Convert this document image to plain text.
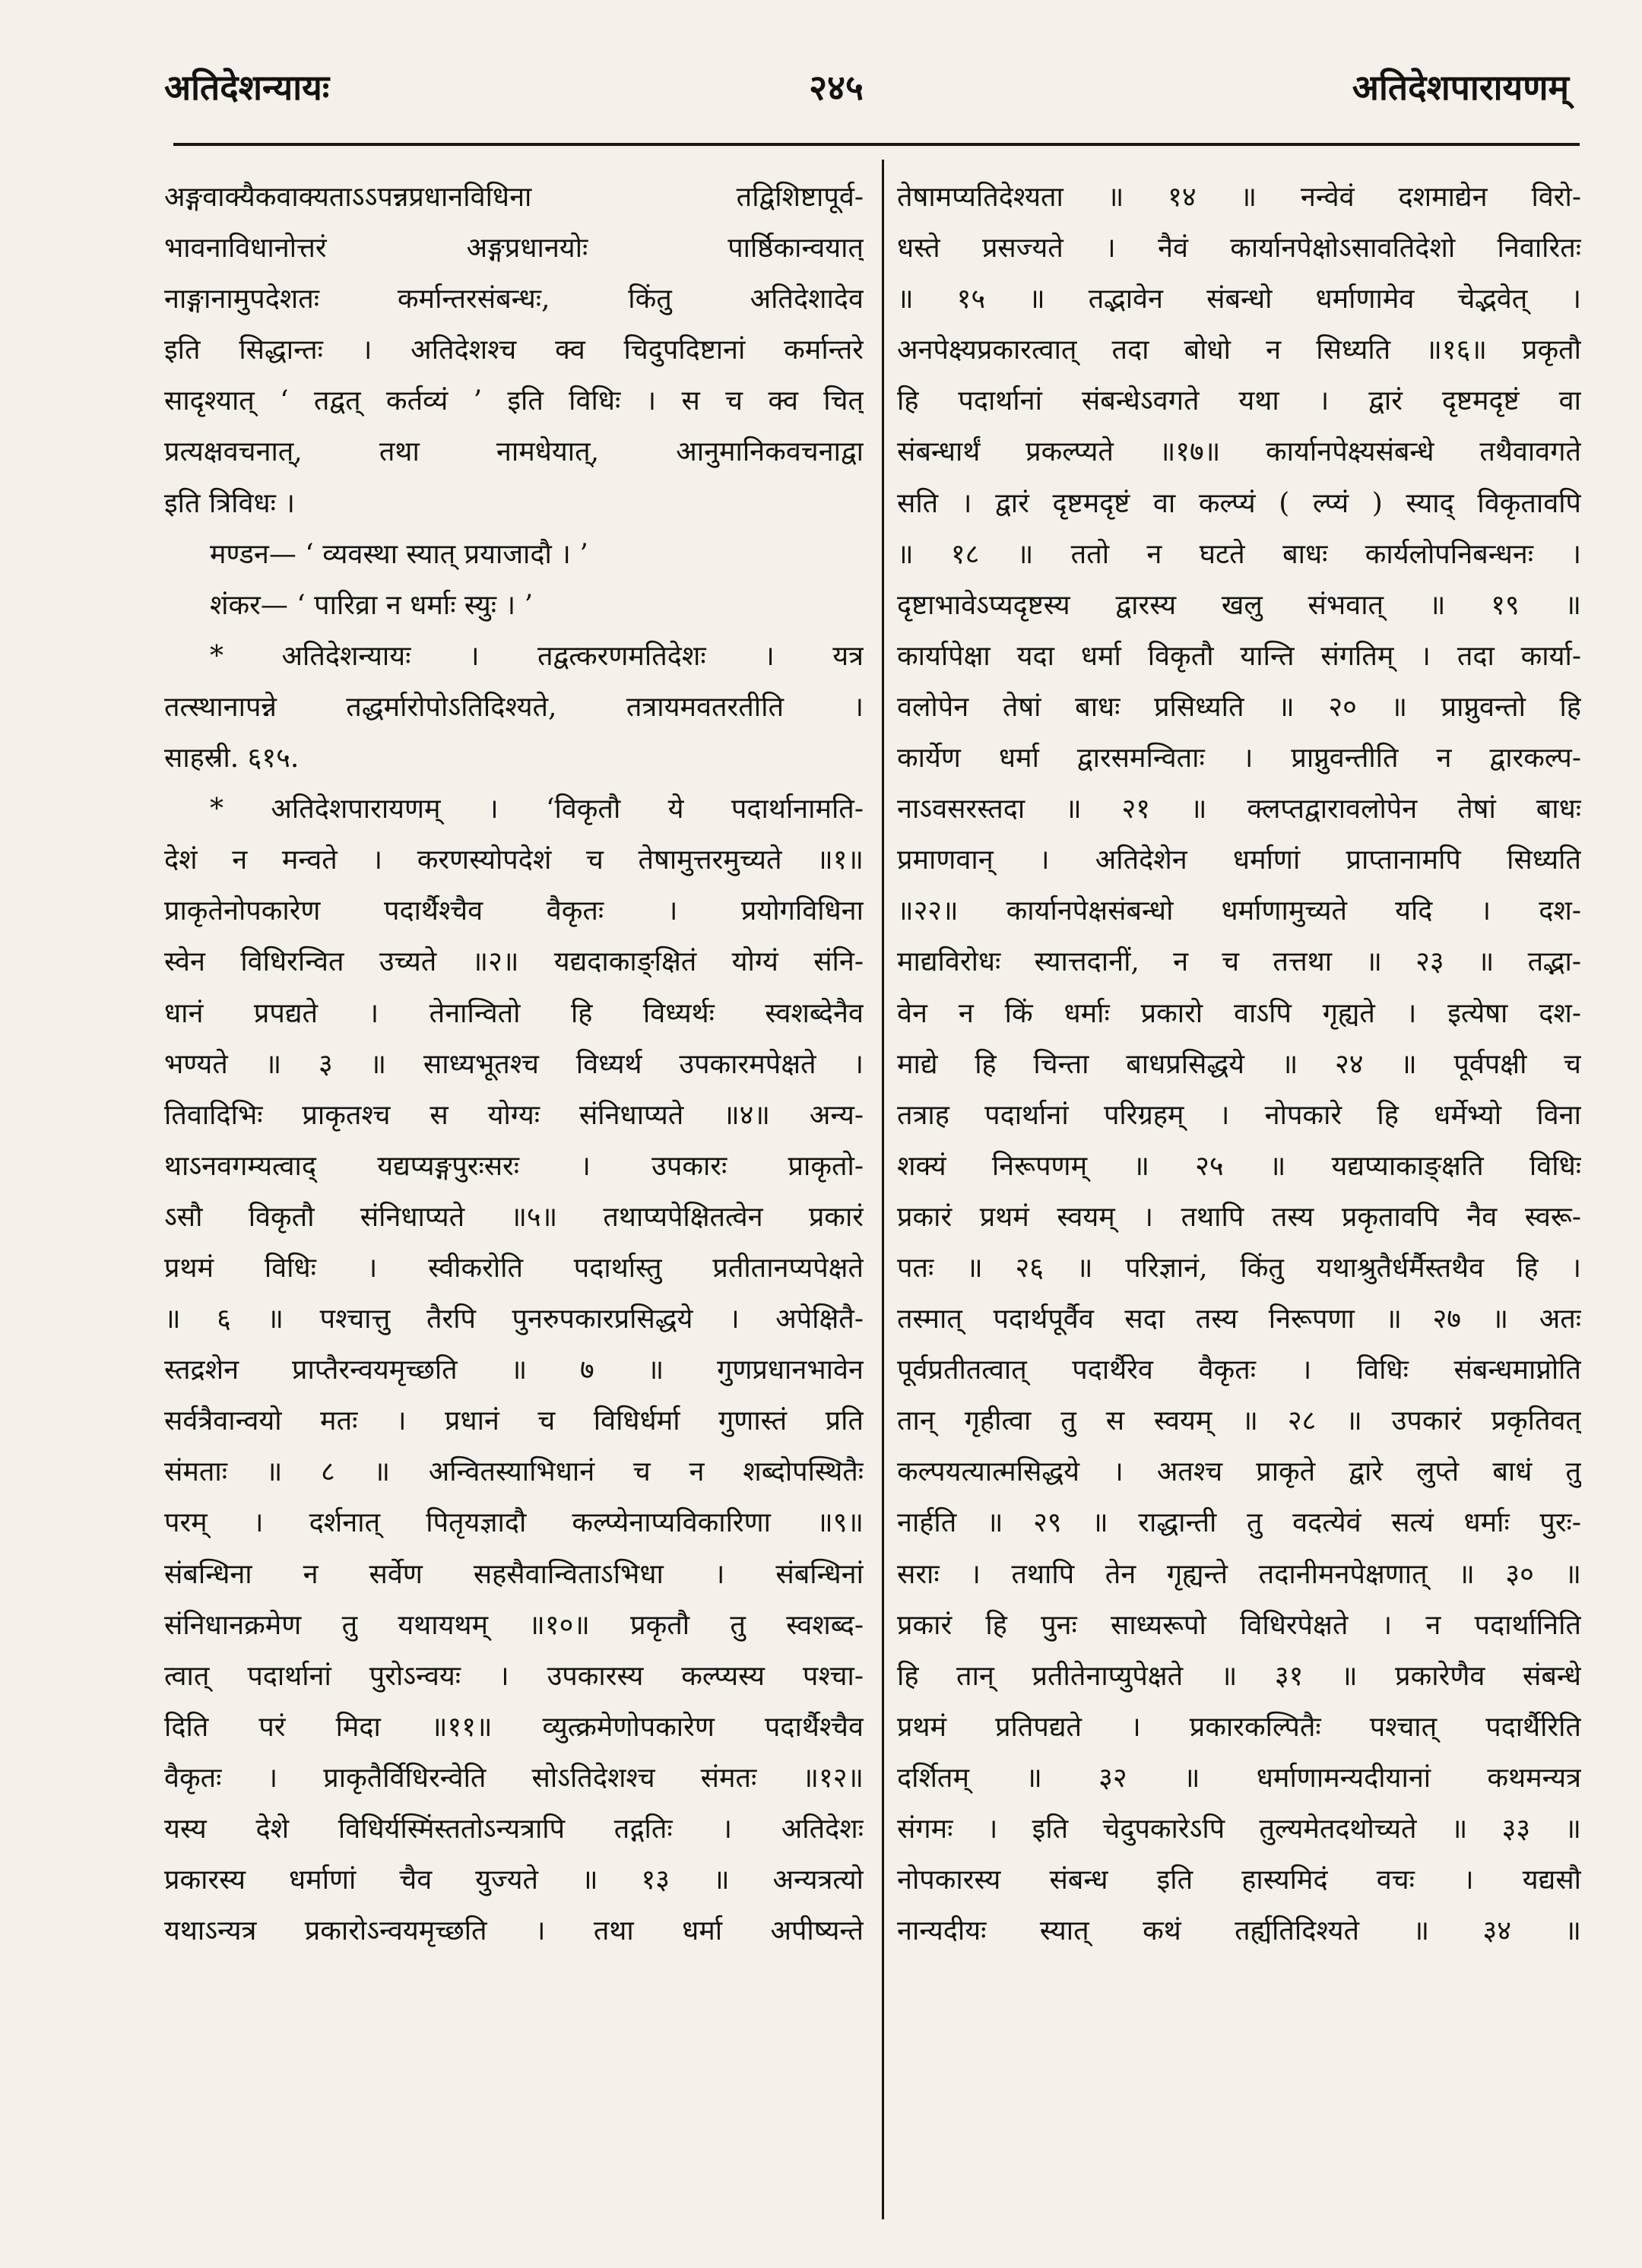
अतिदेशन्यायः	२४५	अतिदेशपारायणम्
अङ्गवाक्यैकवाक्यताऽऽपन्नप्रधानविधिना तद्विशिष्टापूर्व-
भावनाविधानोत्तरं अङ्गप्रधानयोः पार्ष्ठिकान्वयात्
नाङ्गानामुपदेशतः कर्मान्तरसंबन्धः, किंतु अतिदेशादेव
इति सिद्धान्तः । अतिदेशश्च क्व चिदुपदिष्टानां कर्मान्तरे
सादृश्यात् ‘ तद्वत् कर्तव्यं ’ इति विधिः । स च क्व चित्
प्रत्यक्षवचनात्, तथा नामधेयात्, आनुमानिकवचनाद्वा
इति त्रिविधः ।
मण्डन— ‘ व्यवस्था स्यात् प्रयाजादौ । ’
शंकर— ‘ पारिव्रा न धर्माः स्युः । ’
* अतिदेशन्यायः । तद्वत्करणमतिदेशः । यत्र
तत्स्थानापन्ने तद्धर्मारोपोऽतिदिश्यते, तत्रायमवतरतीति ।
साहस्री. ६१५.
* अतिदेशपारायणम् । ‘विकृतौ ये पदार्थानामति-
देशं न मन्वते । करणस्योपदेशं च तेषामुत्तरमुच्यते ॥१॥
प्राकृतेनोपकारेण पदार्थैश्चैव वैकृतः । प्रयोगविधिना
स्वेन विधिरन्वित उच्यते ॥२॥ यद्यदाकाङ्क्षितं योग्यं संनि-
धानं प्रपद्यते । तेनान्वितो हि विध्यर्थः स्वशब्देनैव
भण्यते ॥ ३ ॥ साध्यभूतश्च विध्यर्थ उपकारमपेक्षते ।
तिवादिभिः प्राकृतश्च स योग्यः संनिधाप्यते ॥४॥ अन्य-
थाऽनवगम्यत्वाद् यद्यप्यङ्गपुरःसरः । उपकारः प्राकृतो-
ऽसौ विकृतौ संनिधाप्यते ॥५॥ तथाप्यपेक्षितत्वेन प्रकारं
प्रथमं विधिः । स्वीकरोति पदार्थास्तु प्रतीतानप्यपेक्षते
॥ ६ ॥ पश्चात्तु तैरपि पुनरुपकारप्रसिद्धये । अपेक्षितै-
स्तद्रशेन प्राप्तैरन्वयमृच्छति ॥ ७ ॥ गुणप्रधानभावेन
सर्वत्रैवान्वयो मतः । प्रधानं च विधिर्धर्मा गुणास्तं प्रति
संमताः ॥ ८ ॥ अन्वितस्याभिधानं च न शब्दोपस्थितैः
परम् । दर्शनात् पितृयज्ञादौ कल्प्येनाप्यविकारिणा ॥९॥
संबन्धिना न सर्वेण सहसैवान्विताऽभिधा । संबन्धिनां
संनिधानक्रमेण तु यथायथम् ॥१०॥ प्रकृतौ तु स्वशब्द-
त्वात् पदार्थानां पुरोऽन्वयः । उपकारस्य कल्प्यस्य पश्चा-
दिति परं मिदा ॥११॥ व्युत्क्रमेणोपकारेण पदार्थैश्चैव
वैकृतः । प्राकृतैर्विधिरन्वेति सोऽतिदेशश्च संमतः ॥१२॥
यस्य देशे विधिर्यस्मिंस्ततोऽन्यत्रापि तद्गतिः । अतिदेशः
प्रकारस्य धर्माणां चैव युज्यते ॥ १३ ॥ अन्यत्रत्यो
यथाऽन्यत्र प्रकारोऽन्वयमृच्छति । तथा धर्मा अपीष्यन्ते
तेषामप्यतिदेश्यता ॥ १४ ॥ नन्वेवं दशमाद्येन विरो-
धस्ते प्रसज्यते । नैवं कार्यानपेक्षोऽसावतिदेशो निवारितः
॥ १५ ॥ तद्भावेन संबन्धो धर्माणामेव चेद्भवेत् ।
अनपेक्ष्यप्रकारत्वात् तदा बोधो न सिध्यति ॥१६॥ प्रकृतौ
हि पदार्थानां संबन्धेऽवगते यथा । द्वारं दृष्टमदृष्टं वा
संबन्धार्थं प्रकल्प्यते ॥१७॥ कार्यानपेक्ष्यसंबन्धे तथैवावगते
सति । द्वारं दृष्टमदृष्टं वा कल्प्यं ( ल्प्यं ) स्याद् विकृतावपि
॥ १८ ॥ ततो न घटते बाधः कार्यलोपनिबन्धनः ।
दृष्टाभावेऽप्यदृष्टस्य द्वारस्य खलु संभवात् ॥ १९ ॥
कार्यापेक्षा यदा धर्मा विकृतौ यान्ति संगतिम् । तदा कार्या-
वलोपेन तेषां बाधः प्रसिध्यति ॥ २० ॥ प्राप्नुवन्तो हि
कार्येण धर्मा द्वारसमन्विताः । प्राप्नुवन्तीति न द्वारकल्प-
नाऽवसरस्तदा ॥ २१ ॥ क्लप्तद्वारावलोपेन तेषां बाधः
प्रमाणवान् । अतिदेशेन धर्माणां प्राप्तानामपि सिध्यति
॥२२॥ कार्यानपेक्षसंबन्धो धर्माणामुच्यते यदि । दश-
माद्यविरोधः स्यात्तदानीं, न च तत्तथा ॥ २३ ॥ तद्भा-
वेन न किं धर्माः प्रकारो वाऽपि गृह्यते । इत्येषा दश-
माद्ये हि चिन्ता बाधप्रसिद्धये ॥ २४ ॥ पूर्वपक्षी च
तत्राह पदार्थानां परिग्रहम् । नोपकारे हि धर्मेभ्यो विना
शक्यं निरूपणम् ॥ २५ ॥ यद्यप्याकाङ्क्षति विधिः
प्रकारं प्रथमं स्वयम् । तथापि तस्य प्रकृतावपि नैव स्वरू-
पतः ॥ २६ ॥ परिज्ञानं, किंतु यथाश्रुतैर्धर्मैस्तथैव हि ।
तस्मात् पदार्थपूर्वैव सदा तस्य निरूपणा ॥ २७ ॥ अतः
पूर्वप्रतीतत्वात् पदार्थैरेव वैकृतः । विधिः संबन्धमाप्नोति
तान् गृहीत्वा तु स स्वयम् ॥ २८ ॥ उपकारं प्रकृतिवत्
कल्पयत्यात्मसिद्धये । अतश्च प्राकृते द्वारे लुप्ते बाधं तु
नार्हति ॥ २९ ॥ राद्धान्ती तु वदत्येवं सत्यं धर्माः पुरः-
सराः । तथापि तेन गृह्यन्ते तदानीमनपेक्षणात् ॥ ३० ॥
प्रकारं हि पुनः साध्यरूपो विधिरपेक्षते । न पदार्थानिति
हि तान् प्रतीतेनाप्युपेक्षते ॥ ३१ ॥ प्रकारेणैव संबन्धे
प्रथमं प्रतिपद्यते । प्रकारकल्पितैः पश्चात् पदार्थैरिति
दर्शितम् ॥ ३२ ॥ धर्माणामन्यदीयानां कथमन्यत्र
संगमः । इति चेदुपकारेऽपि तुल्यमेतदथोच्यते ॥ ३३ ॥
नोपकारस्य संबन्ध इति हास्यमिदं वचः । यद्यसौ
नान्यदीयः स्यात् कथं तर्ह्यतिदिश्यते ॥ ३४ ॥
